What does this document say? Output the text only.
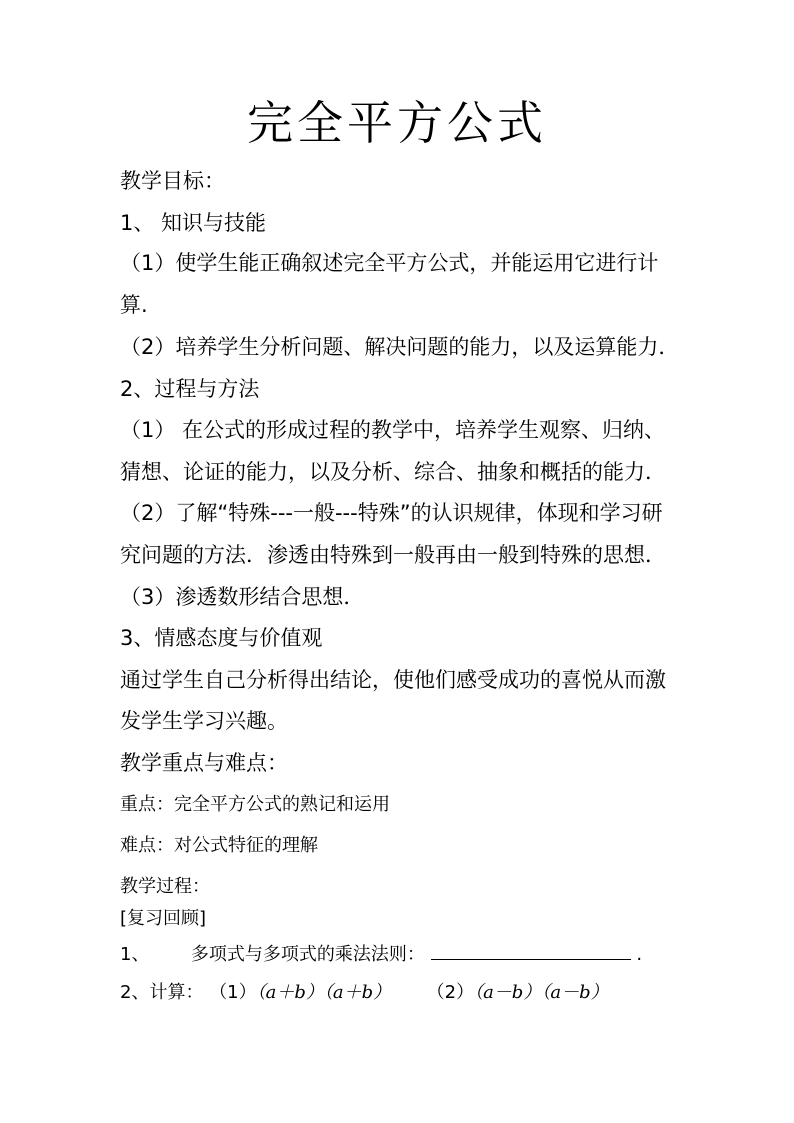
完全平方公式
教学目标：
1、 知识与技能
（1）使学生能正确叙述完全平方公式，并能运用它进行计
算.
（2）培养学生分析问题、解决问题的能力，以及运算能力．
2、过程与方法
（1） 在公式的形成过程的教学中，培养学生观察、归纳、
猜想、论证的能力，以及分析、综合、抽象和概括的能力．
（2）了解“特殊---一般---特殊”的认识规律，体现和学习研
究问题的方法．渗透由特殊到一般再由一般到特殊的思想．
（3）渗透数形结合思想．
3、情感态度与价值观
通过学生自己分析得出结论，使他们感受成功的喜悦从而激
发学生学习兴趣。
教学重点与难点：
重点：完全平方公式的熟记和运用
难点：对公式特征的理解
教学过程：
[复习回顾]
1、 多项式与多项式的乘法法则：	.
2、计算： （1）（a＋b）（a＋b） （2）（a－b）（a－b）
